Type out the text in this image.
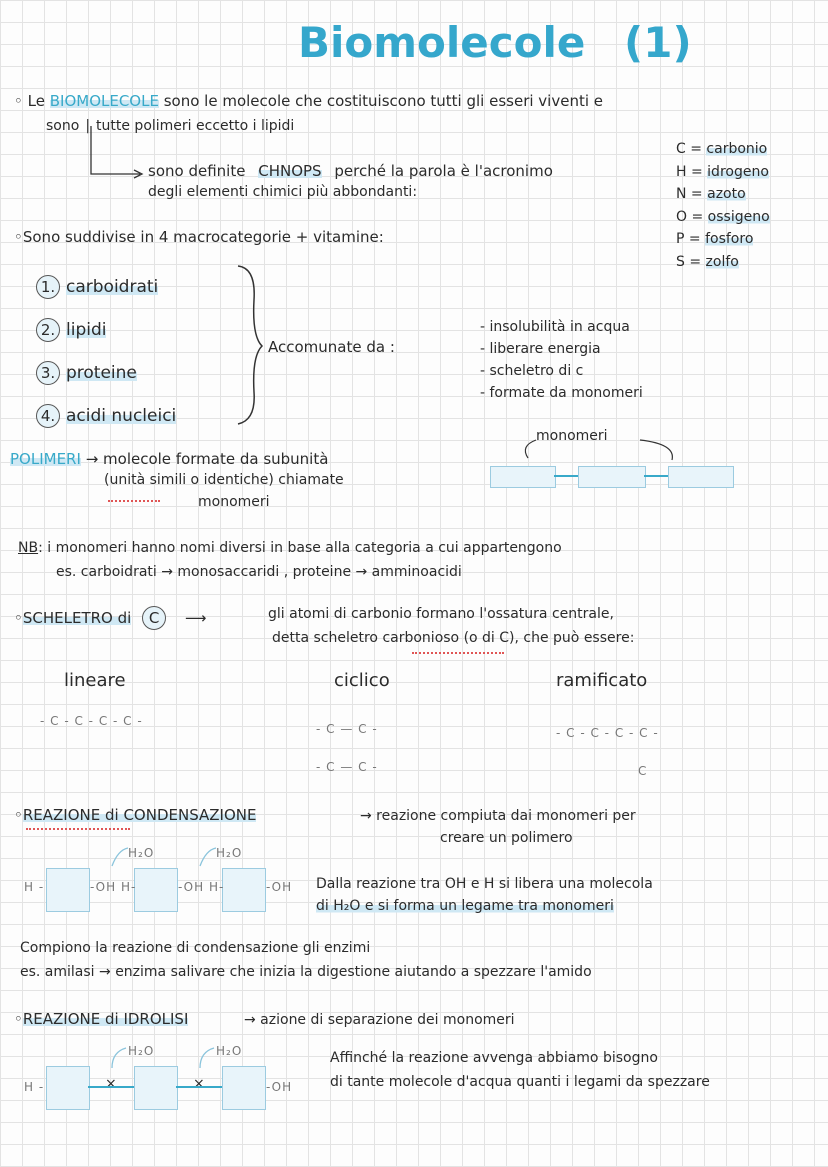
Biomolecole (1)
◦ Le BIOMOLECOLE sono le molecole che costituiscono tutti gli esseri viventi e
sono | tutte polimeri eccetto i lipidi
sono definite CHNOPS perché la parola è l'acronimo
degli elementi chimici più abbondanti:
C = carbonio
H = idrogeno
N = azoto
O = ossigeno
P = fosforo
S = zolfo
◦Sono suddivise in 4 macrocategorie + vitamine:
1. carboidrati
2. lipidi
3. proteine
4. acidi nucleici
Accomunate da :
- insolubilità in acqua
- liberare energia
- scheletro di c
- formate da monomeri
POLIMERI → molecole formate da subunità
(unità simili o identiche) chiamate
monomeri
monomeri
NB: i monomeri hanno nomi diversi in base alla categoria a cui appartengono
es. carboidrati → monosaccaridi , proteine → amminoacidi
◦SCHELETRO di C ⟶	gli atomi di carbonio formano l'ossatura centrale,
detta scheletro carbonioso (o di C), che può essere:
lineare	ciclico	ramificato
- C - C - C - C -
- C — C -
- C — C -
- C - C - C - C -
C
◦REAZIONE di CONDENSAZIONE	→ reazione compiuta dai monomeri per
creare un polimero
H₂O	H₂O
H -	-OH H-	-OH H-	-OH Dalla reazione tra OH e H si libera una molecola
di H₂O e si forma un legame tra monomeri
Compiono la reazione di condensazione gli enzimi
es. amilasi → enzima salivare che inizia la digestione aiutando a spezzare l'amido
◦REAZIONE di IDROLISI	→ azione di separazione dei monomeri
H₂O	H₂O
H -	-OH
×	×
Affinché la reazione avvenga abbiamo bisogno
di tante molecole d'acqua quanti i legami da spezzare
